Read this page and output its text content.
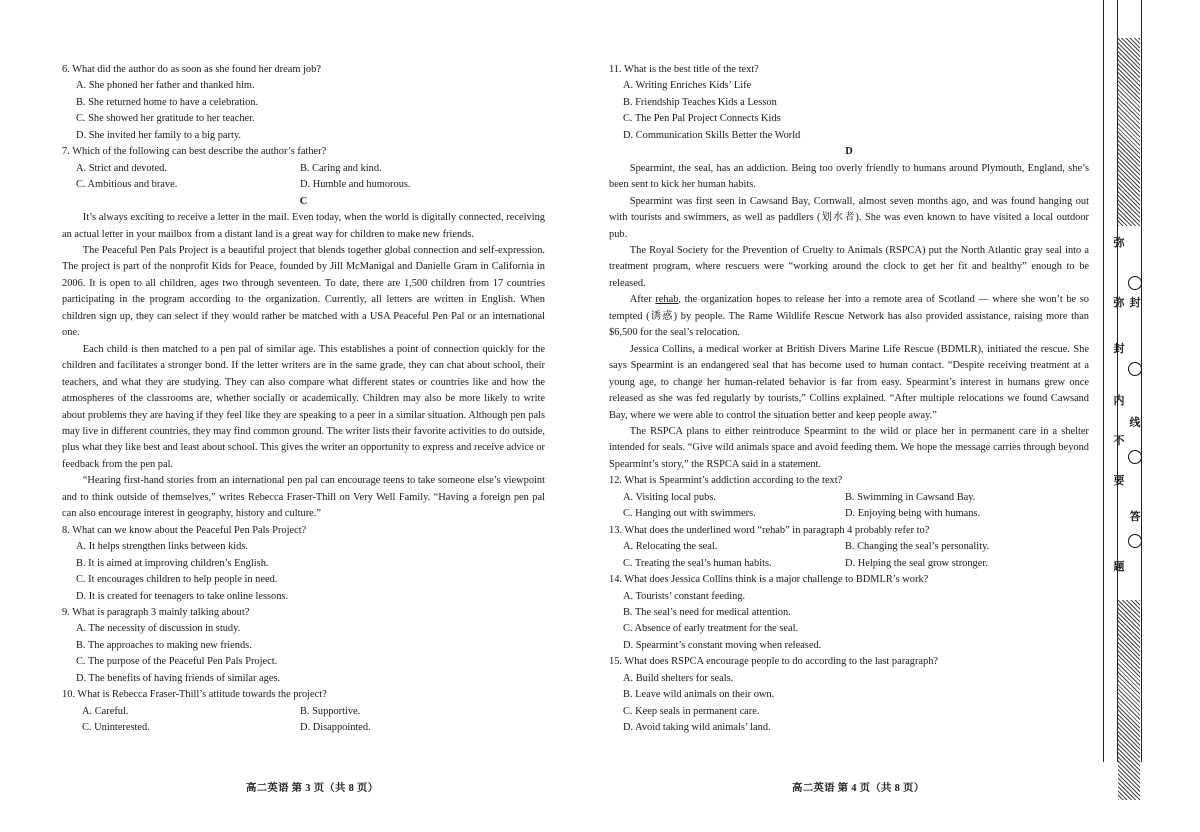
6. What did the author do as soon as she found her dream job?
A. She phoned her father and thanked him.
B. She returned home to have a celebration.
C. She showed her gratitude to her teacher.
D. She invited her family to a big party.
7. Which of the following can best describe the author’s father?
A. Strict and devoted.	B. Caring and kind.
C. Ambitious and brave.	D. Humble and humorous.
C
It’s always exciting to receive a letter in the mail. Even today, when the world is digitally connected, receiving an actual letter in your mailbox from a distant land is a great way for children to make new friends.
The Peaceful Pen Pals Project is a beautiful project that blends together global connection and self-expression. The project is part of the nonprofit Kids for Peace, founded by Jill McManigal and Danielle Gram in California in 2006. It is open to all children, ages two through seventeen. To date, there are 1,500 children from 17 countries participating in the program according to the organization. Currently, all letters are written in English. When children sign up, they can select if they would rather be matched with a USA Peaceful Pen Pal or an international one.
Each child is then matched to a pen pal of similar age. This establishes a point of connection quickly for the children and facilitates a stronger bond. If the letter writers are in the same grade, they can chat about school, their teachers, and what they are studying. They can also compare what different states or countries like and how the atmospheres of the classrooms are, whether socially or academically. Children may also be more likely to write about problems they are having if they feel like they are speaking to a peer in a similar situation. Although pen pals may live in different countries, they may find common ground. The writer lists their favorite activities to do outside, plus what they like best and least about school. This gives the writer an opportunity to express and receive advice or feedback from the pen pal.
“Hearing first-hand stories from an international pen pal can encourage teens to take someone else’s viewpoint and to think outside of themselves,” writes Rebecca Fraser-Thill on Very Well Family. “Having a foreign pen pal can also encourage interest in geography, history and culture.”
8. What can we know about the Peaceful Pen Pals Project?
A. It helps strengthen links between kids.
B. It is aimed at improving children’s English.
C. It encourages children to help people in need.
D. It is created for teenagers to take online lessons.
9. What is paragraph 3 mainly talking about?
A. The necessity of discussion in study.
B. The approaches to making new friends.
C. The purpose of the Peaceful Pen Pals Project.
D. The benefits of having friends of similar ages.
10. What is Rebecca Fraser-Thill’s attitude towards the project?
A. Careful.	B. Supportive.
C. Uninterested.	D. Disappointed.
11. What is the best title of the text?
A. Writing Enriches Kids’ Life
B. Friendship Teaches Kids a Lesson
C. The Pen Pal Project Connects Kids
D. Communication Skills Better the World
D
Spearmint, the seal, has an addiction. Being too overly friendly to humans around Plymouth, England, she’s been sent to kick her human habits.
Spearmint was first seen in Cawsand Bay, Cornwall, almost seven months ago, and was found hanging out with tourists and swimmers, as well as paddlers (划水者). She was even known to have visited a local outdoor pub.
The Royal Society for the Prevention of Cruelty to Animals (RSPCA) put the North Atlantic gray seal into a treatment program, where rescuers were “working around the clock to get her fit and healthy” enough to be released.
After rehab, the organization hopes to release her into a remote area of Scotland — where she won’t be so tempted (诱惑) by people. The Rame Wildlife Rescue Network has also provided assistance, raising more than $6,500 for the seal’s relocation.
Jessica Collins, a medical worker at British Divers Marine Life Rescue (BDMLR), initiated the rescue. She says Spearmint is an endangered seal that has become used to human contact. “Despite receiving treatment at a young age, to change her human-related behavior is far from easy. Spearmint’s interest in humans grew once released as she was fed regularly by tourists,” Collins explained. “After multiple relocations we found Cawsand Bay, where we were able to control the situation better and keep people away.”
The RSPCA plans to either reintroduce Spearmint to the wild or place her in permanent care in a shelter intended for seals. “Give wild animals space and avoid feeding them. We hope the message carries through beyond Spearmint’s story,” the RSPCA said in a statement.
12. What is Spearmint’s addiction according to the text?
A. Visiting local pubs.	B. Swimming in Cawsand Bay.
C. Hanging out with swimmers.	D. Enjoying being with humans.
13. What does the underlined word “rehab” in paragraph 4 probably refer to?
A. Relocating the seal.	B. Changing the seal’s personality.
C. Treating the seal’s human habits.	D. Helping the seal grow stronger.
14. What does Jessica Collins think is a major challenge to BDMLR’s work?
A. Tourists’ constant feeding.
B. The seal’s need for medical attention.
C. Absence of early treatment for the seal.
D. Spearmint’s constant moving when released.
15. What does RSPCA encourage people to do according to the last paragraph?
A. Build shelters for seals.
B. Leave wild animals on their own.
C. Keep seals in permanent care.
D. Avoid taking wild animals’ land.
高二英语 第 3 页（共 8 页）	高二英语 第 4 页（共 8 页）
弥
弥 封
封
内
线
不
要
答
题
